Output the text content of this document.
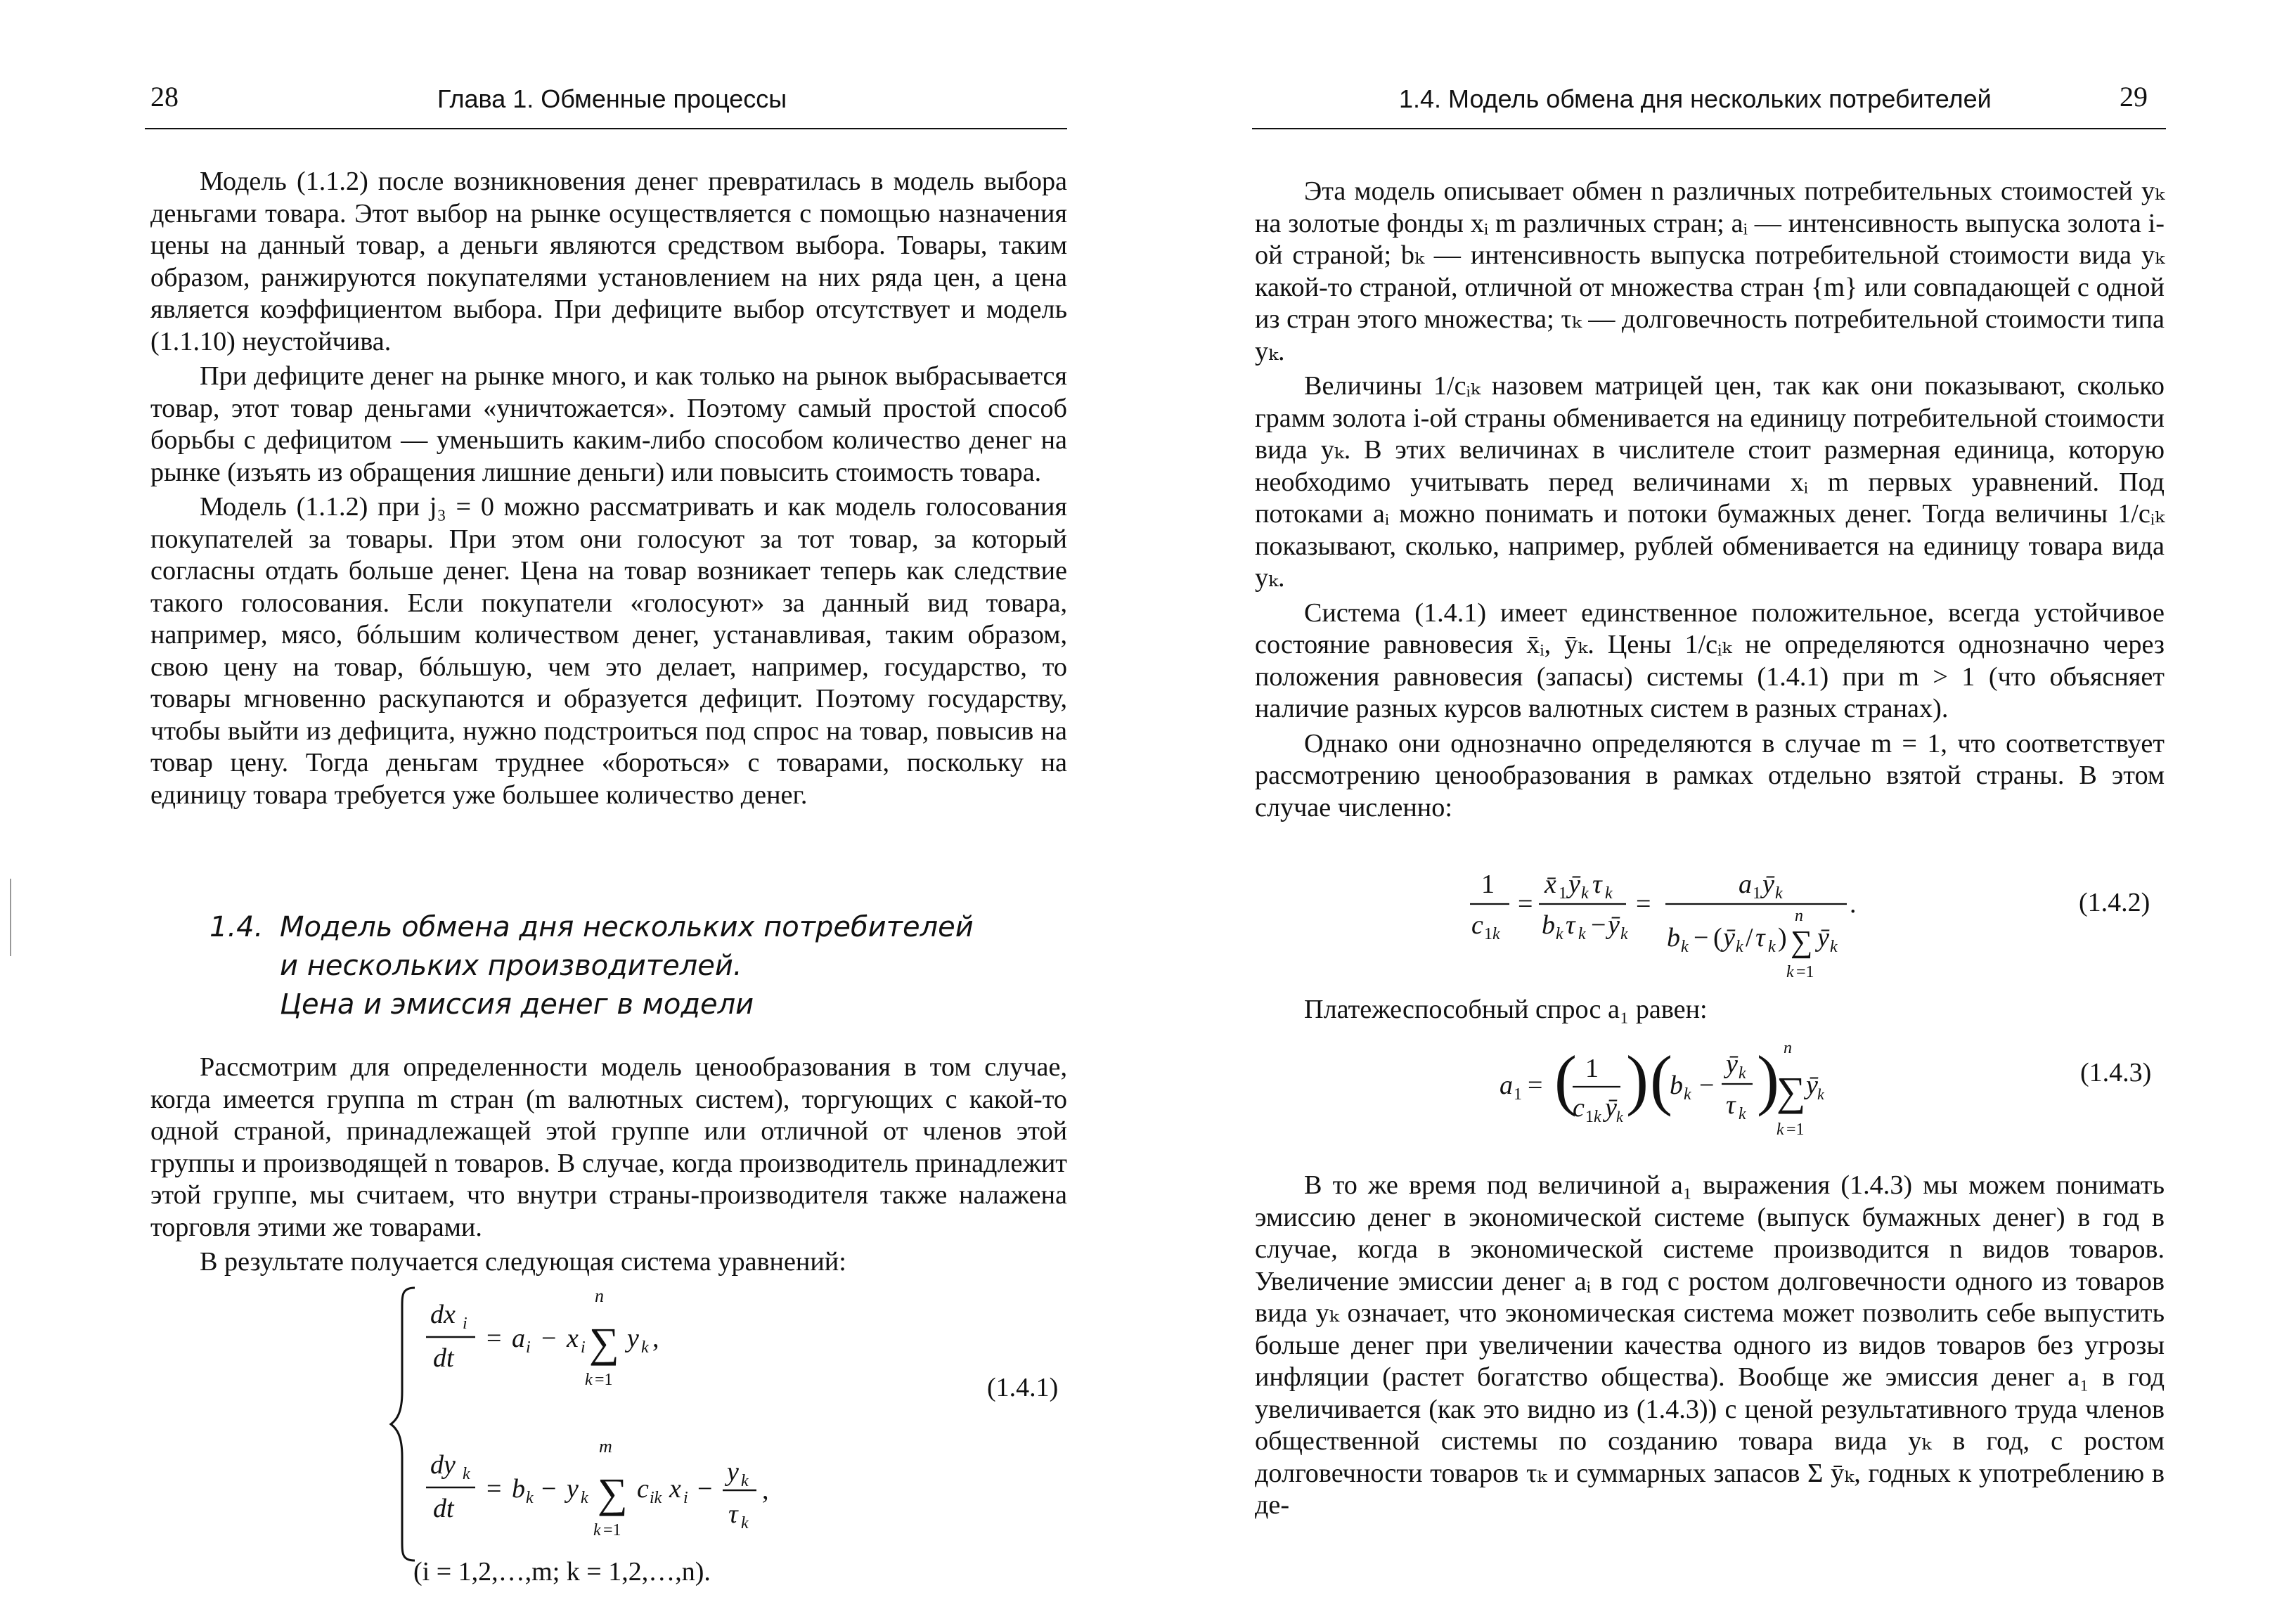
28	Глава 1. Обменные процессы

Модель (1.1.2) после возникновения денег превратилась в модель выбора деньгами товара. Этот выбор на рынке осуществляется с помощью назначения цены на данный товар, а деньги являются средством выбора. Товары, таким образом, ранжируются покупателями установлением на них ряда цен, а цена является коэффициентом выбора. При дефиците выбор отсутствует и модель (1.1.10) неустойчива.

При дефиците денег на рынке много, и как только на рынок выбрасывается товар, этот товар деньгами «уничтожается». Поэтому самый простой способ борьбы с дефицитом — уменьшить каким-либо способом количество денег на рынке (изъять из обращения лишние деньги) или повысить стоимость товара.

Модель (1.1.2) при j₃ = 0 можно рассматривать и как модель голосования покупателей за товары. При этом они голосуют за тот товар, за который согласны отдать больше денег. Цена на товар возникает теперь как следствие такого голосования. Если покупатели «голосуют» за данный вид товара, например, мясо, бóльшим количеством денег, устанавливая, таким образом, свою цену на товар, бóльшую, чем это делает, например, государство, то товары мгновенно раскупаются и образуется дефицит. Поэтому государству, чтобы выйти из дефицита, нужно подстроиться под спрос на товар, повысив на товар цену. Тогда деньгам труднее «бороться» с товарами, поскольку на единицу товара требуется уже большее количество денег.

1.4. Модель обмена дня нескольких потребителей
и нескольких производителей.
Цена и эмиссия денег в модели

Рассмотрим для определенности модель ценообразования в том случае, когда имеется группа m стран (m валютных систем), торгующих с какой-то одной страной, принадлежащей этой группе или отличной от членов этой группы и производящей n товаров. В случае, когда производитель принадлежит этой группе, мы считаем, что внутри страны-производителя также налажена торговля этими же товарами.

В результате получается следующая система уравнений:

dx i
dt
= a i − x i
n
∑
k =1
y k ,
dy k
dt
= b k − y k
m
∑
k =1
c ik x i −
y k
τ k
,
(1.4.1)
(i = 1,2,…,m; k = 1,2,…,n).
1.4. Модель обмена дня нескольких потребителей	29

Эта модель описывает обмен n различных потребительных стоимостей yₖ на золотые фонды xᵢ m различных стран; aᵢ — интенсивность выпуска золота i-ой страной; bₖ — интенсивность выпуска потребительной стоимости вида yₖ какой-то страной, отличной от множества стран {m} или совпадающей с одной из стран этого множества; τₖ — долговечность потребительной стоимости типа yₖ.

Величины 1/cᵢₖ назовем матрицей цен, так как они показывают, сколько грамм золота i-ой страны обменивается на единицу потребительной стоимости вида yₖ. В этих величинах в числителе стоит размерная единица, которую необходимо учитывать перед величинами xᵢ m первых уравнений. Под потоками aᵢ можно понимать и потоки бумажных денег. Тогда величины 1/cᵢₖ показывают, сколько, например, рублей обменивается на единицу товара вида yₖ.

Система (1.4.1) имеет единственное положительное, всегда устойчивое состояние равновесия x̄ᵢ, ȳₖ. Цены 1/cᵢₖ не определяются однозначно через положения равновесия (запасы) системы (1.4.1) при m > 1 (что объясняет наличие разных курсов валютных систем в разных странах).

Однако они однозначно определяются в случае m = 1, что соответствует рассмотрению ценообразования в рамках отдельно взятой страны. В этом случае численно:

1
c 1 k
=
x̄ 1 ȳ k τ k
b k τ k − ȳ k
=
a 1 ȳ k
b k − ( ȳ k / τ k )
n
∑
k =1
ȳ k
.	(1.4.2)

Платежеспособный спрос a₁ равен:

a 1 = ( 1
c 1 k ȳ k ) (
b k −
ȳ k
τ k ) n
∑
k =1
ȳ k
(1.4.3)

В то же время под величиной a₁ выражения (1.4.3) мы можем понимать эмиссию денег в экономической системе (выпуск бумажных денег) в год в случае, когда в экономической системе производится n видов товаров. Увеличение эмиссии денег aᵢ в год с ростом долговечности одного из товаров вида yₖ означает, что экономическая система может позволить себе выпустить больше денег при увеличении качества одного из видов товаров без угрозы инфляции (растет богатство общества). Вообще же эмиссия денег a₁ в год увеличивается (как это видно из (1.4.3)) с ценой результативного труда членов общественной системы по созданию товара вида yₖ в год, с ростом долговечности товаров τₖ и суммарных запасов Σ ȳₖ, годных к употреблению в де-
